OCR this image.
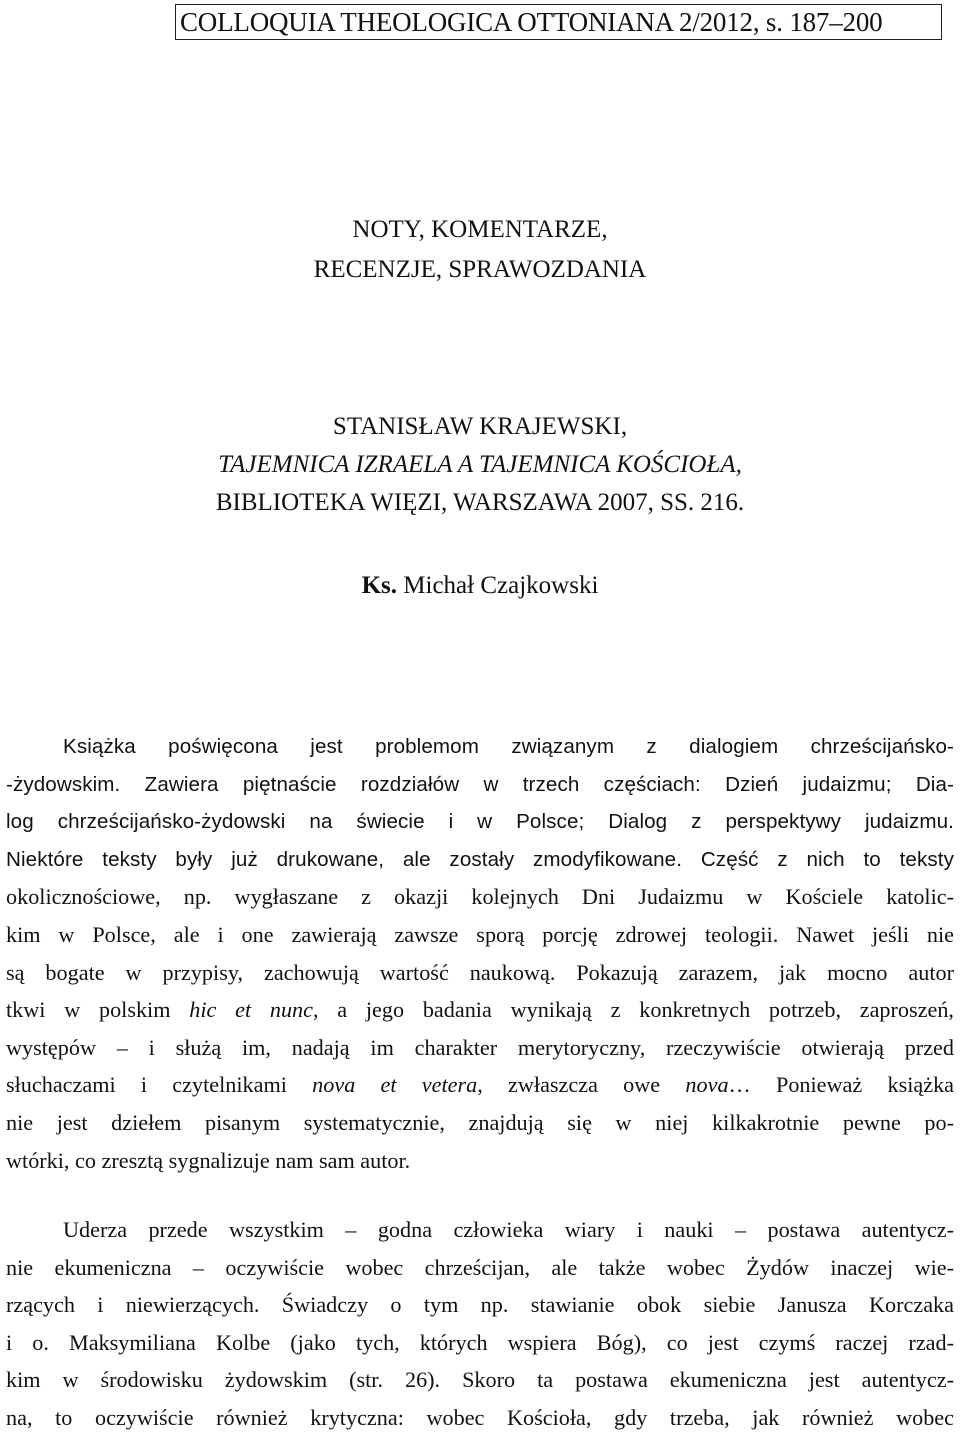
COLLOQUIA THEOLOGICA OTTONIANA 2/2012, s. 187–200
NOTY, KOMENTARZE,
RECENZJE, SPRAWOZDANIA
STANISŁAW KRAJEWSKI,
TAJEMNICA IZRAELA A TAJEMNICA KOŚCIOŁA,
BIBLIOTEKA WIĘZI, WARSZAWA 2007, SS. 216.
Ks. Michał Czajkowski
Książka poświęcona jest problemom związanym z dialogiem chrześcijańsko-
-żydowskim. Zawiera piętnaście rozdziałów w trzech częściach: Dzień judaizmu; Dia-
log chrześcijańsko-żydowski na świecie i w Polsce; Dialog z perspektywy judaizmu.
Niektóre teksty były już drukowane, ale zostały zmodyfikowane. Część z nich to teksty
okolicznościowe, np. wygłaszane z okazji kolejnych Dni Judaizmu w Kościele katolic-
kim w Polsce, ale i one zawierają zawsze sporą porcję zdrowej teologii. Nawet jeśli nie
są bogate w przypisy, zachowują wartość naukową. Pokazują zarazem, jak mocno autor
tkwi w polskim hic et nunc, a jego badania wynikają z konkretnych potrzeb, zaproszeń,
występów – i służą im, nadają im charakter merytoryczny, rzeczywiście otwierają przed
słuchaczami i czytelnikami nova et vetera, zwłaszcza owe nova… Ponieważ książka
nie jest dziełem pisanym systematycznie, znajdują się w niej kilkakrotnie pewne po-
wtórki, co zresztą sygnalizuje nam sam autor.
Uderza przede wszystkim – godna człowieka wiary i nauki – postawa autentycz-
nie ekumeniczna – oczywiście wobec chrześcijan, ale także wobec Żydów inaczej wie-
rzących i niewierzących. Świadczy o tym np. stawianie obok siebie Janusza Korczaka
i o. Maksymiliana Kolbe (jako tych, których wspiera Bóg), co jest czymś raczej rzad-
kim w środowisku żydowskim (str. 26). Skoro ta postawa ekumeniczna jest autentycz-
na, to oczywiście również krytyczna: wobec Kościoła, gdy trzeba, jak również wobec
